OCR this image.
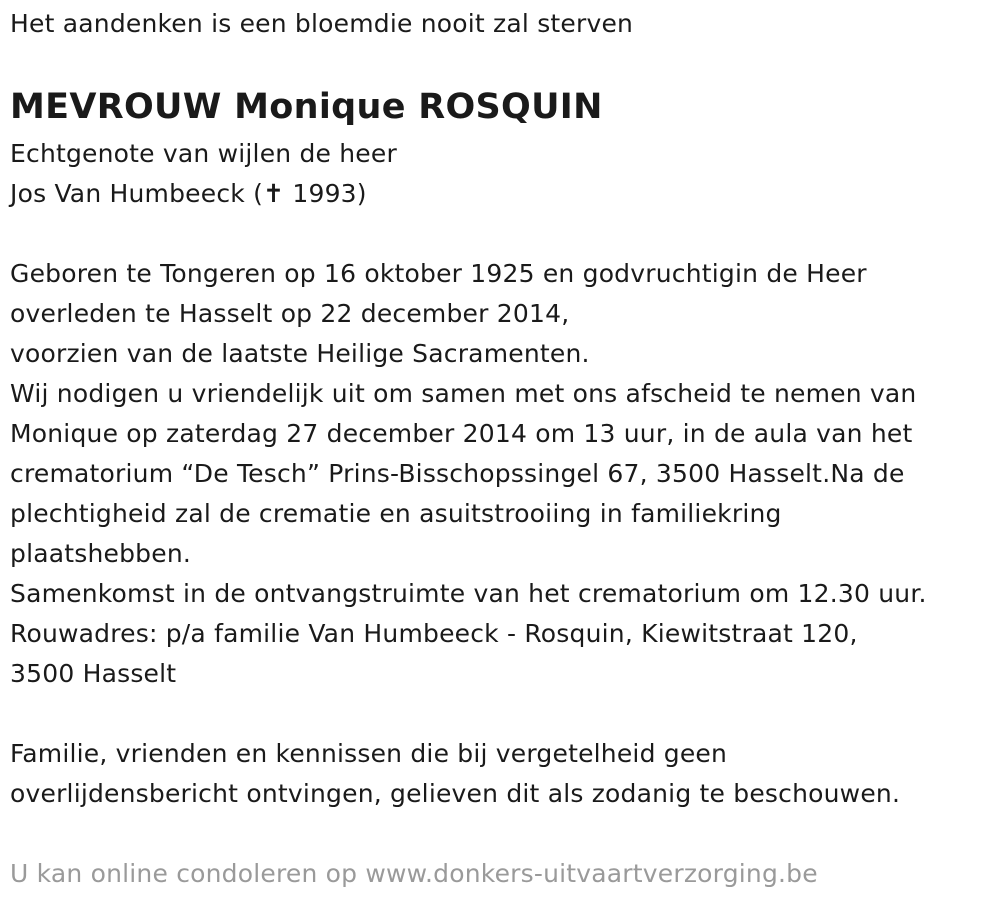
Het aandenken is een bloemdie nooit zal sterven
MEVROUW Monique ROSQUIN
Echtgenote van wijlen de heer
Jos Van Humbeeck (✝ 1993)
Geboren te Tongeren op 16 oktober 1925 en godvruchtigin de Heer
overleden te Hasselt op 22 december 2014,
voorzien van de laatste Heilige Sacramenten.
Wij nodigen u vriendelijk uit om samen met ons afscheid te nemen van
Monique op zaterdag 27 december 2014 om 13 uur, in de aula van het
crematorium “De Tesch” Prins-Bisschopssingel 67, 3500 Hasselt.Na de
plechtigheid zal de crematie en asuitstrooiing in familiekring
plaatshebben.
Samenkomst in de ontvangstruimte van het crematorium om 12.30 uur.
Rouwadres: p/a familie Van Humbeeck - Rosquin, Kiewitstraat 120,
3500 Hasselt
Familie, vrienden en kennissen die bij vergetelheid geen
overlijdensbericht ontvingen, gelieven dit als zodanig te beschouwen.
U kan online condoleren op www.donkers-uitvaartverzorging.be
